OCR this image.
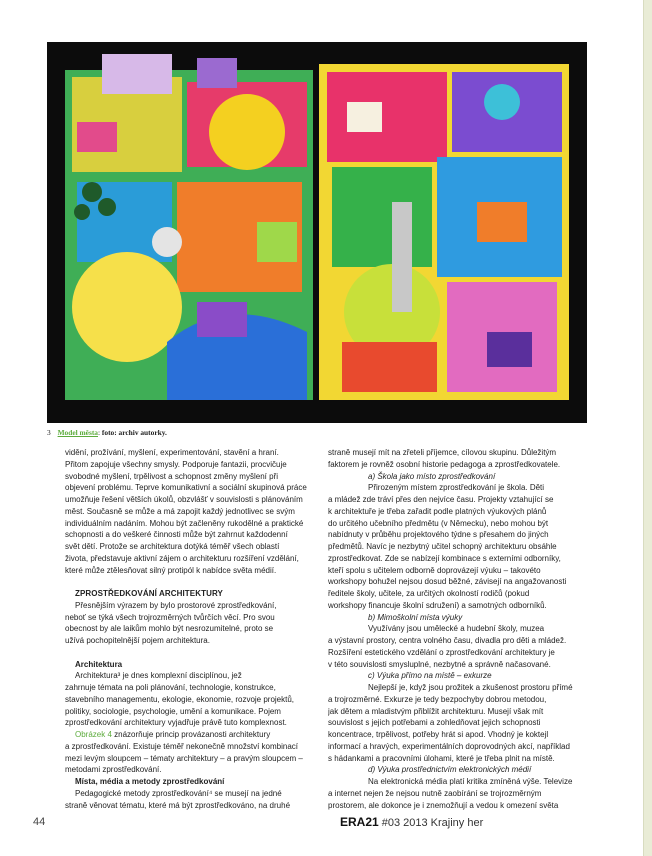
3 Model města: foto: archiv autorky.

vidění, prožívání, myšlení, experimentování, stavění a hraní.

Přitom zapojuje všechny smysly. Podporuje fantazii, procvičuje

svobodné myšlení, trpělivost a schopnost změny myšlení při

objevení problému. Teprve komunikativní a sociální skupinová práce

umožňuje řešení větších úkolů, obzvlášť v souvislosti s plánováním

měst. Současně se může a má zapojit každý jednotlivec se svým

individuálním nadáním. Mohou být začleněny rukodělné a praktické

schopnosti a do veškeré činnosti může být zahrnut každodenní

svět dětí. Protože se architektura dotýká téměř všech oblastí

života, představuje aktivní zájem o architekturu rozšíření vzdělání,

které může ztělesňovat silný protipól k nabídce světa médií.

ZPROSTŘEDKOVÁNÍ ARCHITEKTURY

Přesnějším výrazem by bylo prostorové zprostředkování,

neboť se týká všech trojrozměrných tvůrčích věcí. Pro svou

obecnost by ale laikům mohlo být nesrozumitelné, proto se

užívá pochopitelnější pojem architektura.

Architektura

Architektura³ je dnes komplexní disciplínou, jež

zahrnuje témata na poli plánování, technologie, konstrukce,

stavebního managementu, ekologie, ekonomie, rozvoje projektů,

politiky, sociologie, psychologie, umění a komunikace. Pojem

zprostředkování architektury vyjadřuje právě tuto komplexnost.

Obrázek 4 znázorňuje princip provázanosti architektury

a zprostředkování. Existuje téměř nekonečně množství kombinací

mezi levým sloupcem – tématy architektury – a pravým sloupcem –

metodami zprostředkování.

Místa, média a metody zprostředkování

Pedagogické metody zprostředkování⁴ se musejí na jedné

straně věnovat tématu, které má být zprostředkováno, na druhé

straně musejí mít na zřeteli příjemce, cílovou skupinu. Důležitým

faktorem je rovněž osobní historie pedagoga a zprostředkovatele.

a) Škola jako místo zprostředkování

Přirozeným místem zprostředkování je škola. Děti

a mládež zde tráví přes den nejvíce času. Projekty vztahující se

k architektuře je třeba zařadit podle platných výukových plánů

do určitého učebního předmětu (v Německu), nebo mohou být

nabídnuty v průběhu projektového týdne s přesahem do jiných

předmětů. Navíc je nezbytný učitel schopný architekturu obsáhle

zprostředkovat. Zde se nabízejí kombinace s externími odborníky,

kteří spolu s učitelem odborně doprovázejí výuku – takovéto

workshopy bohužel nejsou dosud běžné, závisejí na angažovanosti

ředitele školy, učitele, za určitých okolností rodičů (pokud

workshopy financuje školní sdružení) a samotných odborníků.

b) Mimoškolní místa výuky

Využívány jsou umělecké a hudební školy, muzea

a výstavní prostory, centra volného času, divadla pro děti a mládež.

Rozšíření estetického vzdělání o zprostředkování architektury je

v této souvislosti smysluplné, nezbytné a správně načasované.

c) Výuka přímo na místě – exkurze

Nejlepší je, když jsou prožitek a zkušenost prostoru přímé

a trojrozměrné. Exkurze je tedy bezpochyby dobrou metodou,

jak dětem a mladistvým přiblížit architekturu. Musejí však mít

souvislost s jejich potřebami a zohledňovat jejich schopnosti

koncentrace, trpělivost, potřeby hrát si apod. Vhodný je koktejl

informací a hravých, experimentálních doprovodných akcí, například

s hádankami a pracovními úlohami, které je třeba plnit na místě.

d) Výuka prostřednictvím elektronických médií

Na elektronická média platí kritika zmíněná výše. Televize

a internet nejen že nejsou nutně zaobírání se trojrozměrným

prostorem, ale dokonce je i znemožňují a vedou k omezení světa

44	ERA21 #03 2013 Krajiny her
